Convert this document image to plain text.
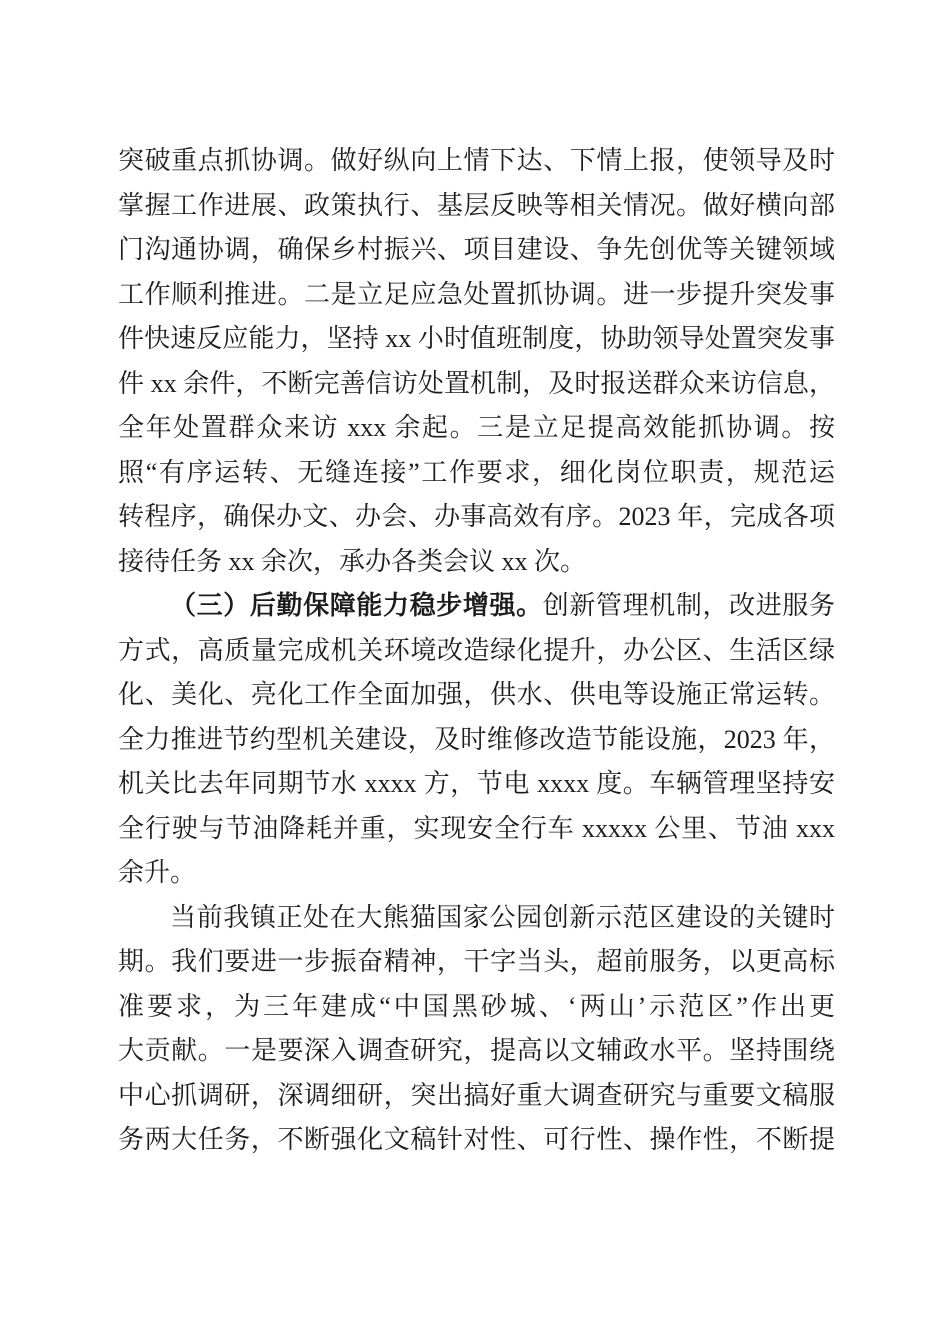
突破重点抓协调。做好纵向上情下达、下情上报，使领导及时
掌握工作进展、政策执行、基层反映等相关情况。做好横向部
门沟通协调，确保乡村振兴、项目建设、争先创优等关键领域
工作顺利推进。二是立足应急处置抓协调。进一步提升突发事
件快速反应能力，坚持 xx 小时值班制度，协助领导处置突发事
件 xx 余件，不断完善信访处置机制，及时报送群众来访信息，
全年处置群众来访 xxx 余起。三是立足提高效能抓协调。按
照“有序运转、无缝连接”工作要求，细化岗位职责，规范运
转程序，确保办文、办会、办事高效有序。2023 年，完成各项
接待任务 xx 余次，承办各类会议 xx 次。
（三）后勤保障能力稳步增强。创新管理机制，改进服务
方式，高质量完成机关环境改造绿化提升，办公区、生活区绿
化、美化、亮化工作全面加强，供水、供电等设施正常运转。
全力推进节约型机关建设，及时维修改造节能设施，2023 年，
机关比去年同期节水 xxxx 方，节电 xxxx 度。车辆管理坚持安
全行驶与节油降耗并重，实现安全行车 xxxxx 公里、节油 xxx
余升。
当前我镇正处在大熊猫国家公园创新示范区建设的关键时
期。我们要进一步振奋精神，干字当头，超前服务，以更高标
准要求，为三年建成“中国黑砂城、‘两山’示范区”作出更
大贡献。一是要深入调查研究，提高以文辅政水平。坚持围绕
中心抓调研，深调细研，突出搞好重大调查研究与重要文稿服
务两大任务，不断强化文稿针对性、可行性、操作性，不断提
